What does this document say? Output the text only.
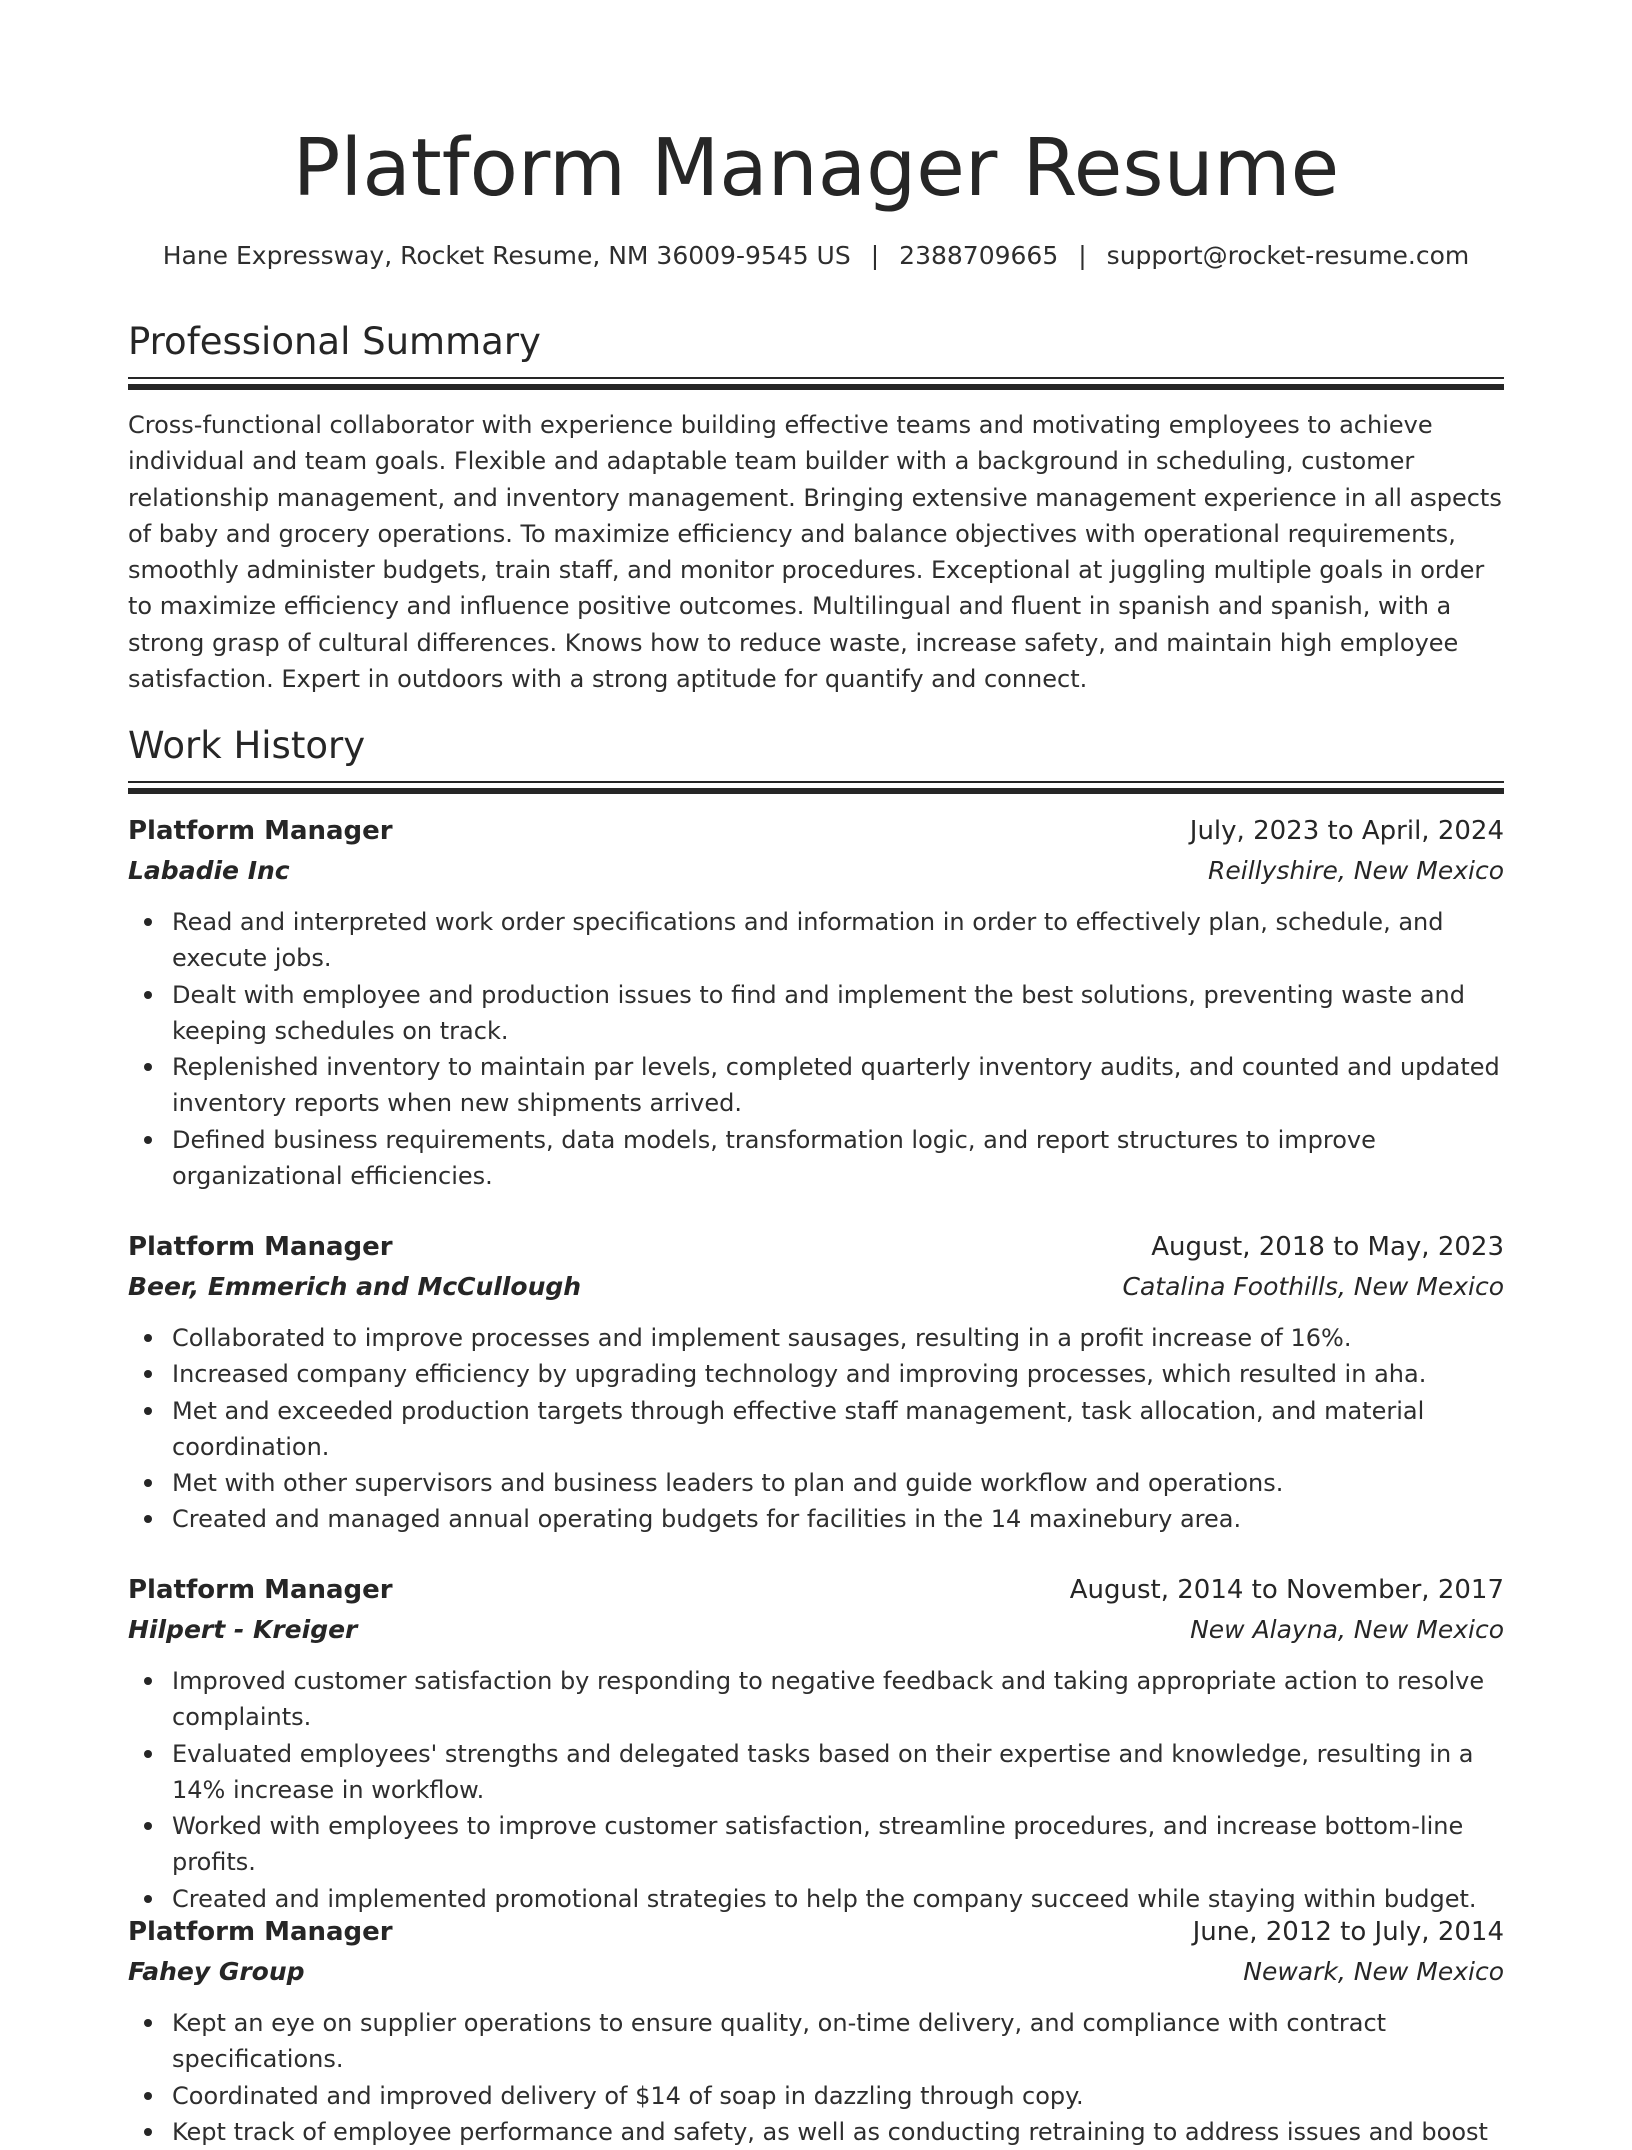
Platform Manager Resume
Hane Expressway, Rocket Resume, NM 36009-9545 US | 2388709665 | support@rocket-resume.com
Professional Summary

Cross-functional collaborator with experience building effective teams and motivating employees to achieve individual and team goals. Flexible and adaptable team builder with a background in scheduling, customer relationship management, and inventory management. Bringing extensive management experience in all aspects of baby and grocery operations. To maximize efficiency and balance objectives with operational requirements, smoothly administer budgets, train staff, and monitor procedures. Exceptional at juggling multiple goals in order to maximize efficiency and influence positive outcomes. Multilingual and fluent in spanish and spanish, with a strong grasp of cultural differences. Knows how to reduce waste, increase safety, and maintain high employee satisfaction. Expert in outdoors with a strong aptitude for quantify and connect.

Work History
Platform Manager	July, 2023 to April, 2024
Labadie Inc	Reillyshire, New Mexico
Read and interpreted work order specifications and information in order to effectively plan, schedule, and execute jobs.
Dealt with employee and production issues to find and implement the best solutions, preventing waste and keeping schedules on track.
Replenished inventory to maintain par levels, completed quarterly inventory audits, and counted and updated inventory reports when new shipments arrived.
Defined business requirements, data models, transformation logic, and report structures to improve organizational efficiencies.
Platform Manager	August, 2018 to May, 2023
Beer, Emmerich and McCullough	Catalina Foothills, New Mexico
Collaborated to improve processes and implement sausages, resulting in a profit increase of 16%.
Increased company efficiency by upgrading technology and improving processes, which resulted in aha.
Met and exceeded production targets through effective staff management, task allocation, and material coordination.
Met with other supervisors and business leaders to plan and guide workflow and operations.
Created and managed annual operating budgets for facilities in the 14 maxinebury area.
Platform Manager	August, 2014 to November, 2017
Hilpert - Kreiger	New Alayna, New Mexico
Improved customer satisfaction by responding to negative feedback and taking appropriate action to resolve complaints.
Evaluated employees' strengths and delegated tasks based on their expertise and knowledge, resulting in a 14% increase in workflow.
Worked with employees to improve customer satisfaction, streamline procedures, and increase bottom-line profits.
Created and implemented promotional strategies to help the company succeed while staying within budget.
Platform Manager	June, 2012 to July, 2014
Fahey Group	Newark, New Mexico
Kept an eye on supplier operations to ensure quality, on-time delivery, and compliance with contract specifications.
Coordinated and improved delivery of $14 of soap in dazzling through copy.
Kept track of employee performance and safety, as well as conducting retraining to address issues and boost
